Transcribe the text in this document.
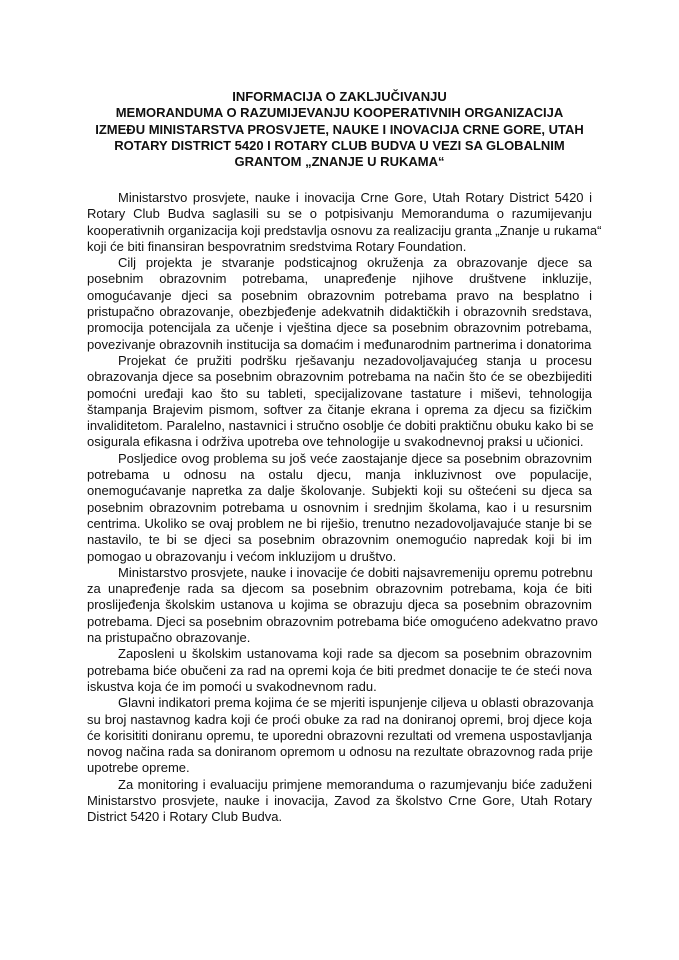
INFORMACIJA O ZAKLJUČIVANJU
MEMORANDUMA O RAZUMIJEVANJU KOOPERATIVNIH ORGANIZACIJA
IZMEĐU MINISTARSTVA PROSVJETE, NAUKE I INOVACIJA CRNE GORE, UTAH
ROTARY DISTRICT 5420 I ROTARY CLUB BUDVA U VEZI SA GLOBALNIM
GRANTOM „ZNANJE U RUKAMA“
Ministarstvo prosvjete, nauke i inovacija Crne Gore, Utah Rotary District 5420 i
Rotary Club Budva saglasili su se o potpisivanju Memoranduma o razumijevanju
kooperativnih organizacija koji predstavlja osnovu za realizaciju granta „Znanje u rukama“
koji će biti finansiran bespovratnim sredstvima Rotary Foundation.
Cilj projekta je stvaranje podsticajnog okruženja za obrazovanje djece sa
posebnim obrazovnim potrebama, unapređenje njihove društvene inkluzije,
omogućavanje djeci sa posebnim obrazovnim potrebama pravo na besplatno i
pristupačno obrazovanje, obezbjeđenje adekvatnih didaktičkih i obrazovnih sredstava,
promocija potencijala za učenje i vještina djece sa posebnim obrazovnim potrebama,
povezivanje obrazovnih institucija sa domaćim i međunarodnim partnerima i donatorima
Projekat će pružiti podršku rješavanju nezadovoljavajućeg stanja u procesu
obrazovanja djece sa posebnim obrazovnim potrebama na način što će se obezbijediti
pomoćni uređaji kao što su tableti, specijalizovane tastature i miševi, tehnologija
štampanja Brajevim pismom, softver za čitanje ekrana i oprema za djecu sa fizičkim
invaliditetom. Paralelno, nastavnici i stručno osoblje će dobiti praktičnu obuku kako bi se
osigurala efikasna i održiva upotreba ove tehnologije u svakodnevnoj praksi u učionici.
Posljedice ovog problema su još veće zaostajanje djece sa posebnim obrazovnim
potrebama u odnosu na ostalu djecu, manja inkluzivnost ove populacije,
onemogućavanje napretka za dalje školovanje. Subjekti koji su oštećeni su djeca sa
posebnim obrazovnim potrebama u osnovnim i srednjim školama, kao i u resursnim
centrima. Ukoliko se ovaj problem ne bi riješio, trenutno nezadovoljavajuće stanje bi se
nastavilo, te bi se djeci sa posebnim obrazovnim onemogućio napredak koji bi im
pomogao u obrazovanju i većom inkluzijom u društvo.
Ministarstvo prosvjete, nauke i inovacije će dobiti najsavremeniju opremu potrebnu
za unapređenje rada sa djecom sa posebnim obrazovnim potrebama, koja će biti
proslijeđenja školskim ustanova u kojima se obrazuju djeca sa posebnim obrazovnim
potrebama. Djeci sa posebnim obrazovnim potrebama biće omogućeno adekvatno pravo
na pristupačno obrazovanje.
Zaposleni u školskim ustanovama koji rade sa djecom sa posebnim obrazovnim
potrebama biće obučeni za rad na opremi koja će biti predmet donacije te će steći nova
iskustva koja će im pomoći u svakodnevnom radu.
Glavni indikatori prema kojima će se mjeriti ispunjenje ciljeva u oblasti obrazovanja
su broj nastavnog kadra koji će proći obuke za rad na doniranoj opremi, broj djece koja
će korisititi doniranu opremu, te uporedni obrazovni rezultati od vremena uspostavljanja
novog načina rada sa doniranom opremom u odnosu na rezultate obrazovnog rada prije
upotrebe opreme.
Za monitoring i evaluaciju primjene memoranduma o razumjevanju biće zaduženi
Ministarstvo prosvjete, nauke i inovacija, Zavod za školstvo Crne Gore, Utah Rotary
District 5420 i Rotary Club Budva.
